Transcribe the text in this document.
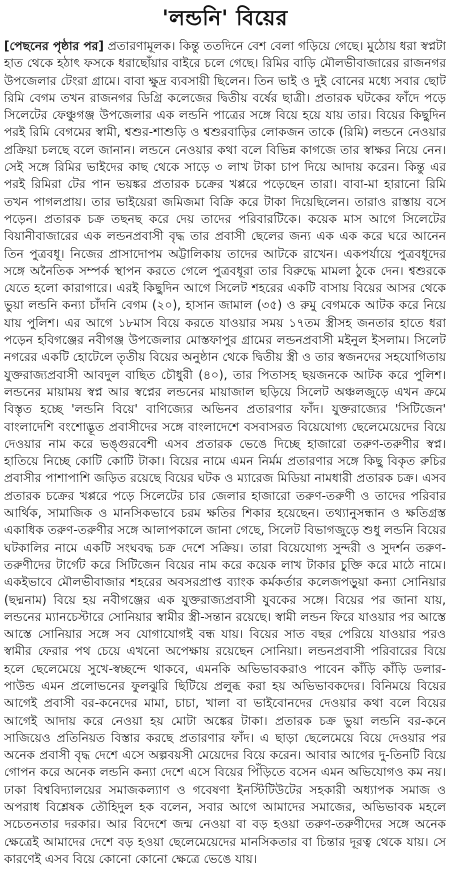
'লন্ডনি' বিয়ের

[পেছনের পৃষ্ঠার পর] প্রতারণামূলক। কিন্তু ততদিনে বেশ বেলা গড়িয়ে গেছে। মুঠোয় ধরা স্বপ্নটা হাত থেকে হঠাৎ ফসকে ধরাছোঁয়ার বাইরে চলে গেছে। রিমির বাড়ি মৌলভীবাজারের রাজনগর উপজেলার টেংরা গ্রামে। বাবা ক্ষুদ্র ব্যবসায়ী ছিলেন। তিন ভাই ও দুই বোনের মধ্যে সবার ছোট রিমি বেগম তখন রাজনগর ডিগ্রি কলেজের দ্বিতীয় বর্ষের ছাত্রী। প্রতারক ঘটকের ফাঁদে পড়ে সিলেটের ফেঞ্চুগঞ্জ উপজেলার এক লন্ডনি পাত্রের সঙ্গে বিয়ে হয়ে যায় তার। বিয়ের কিছুদিন পরই রিমি বেগমের স্বামী, শ্বশুর-শাশুড়ি ও শ্বশুরবাড়ির লোকজন তাকে (রিমি) লন্ডনে নেওয়ার প্রক্রিয়া চলছে বলে জানান। লন্ডনে নেওয়ার কথা বলে বিভিন্ন কাগজে তার স্বাক্ষর নিয়ে নেন। সেই সঙ্গে রিমির ভাইদের কাছ থেকে সাড়ে ৩ লাখ টাকা চাপ দিয়ে আদায় করেন। কিন্তু এর পরই রিমিরা টের পান ভয়ঙ্কর প্রতারক চক্রের খপ্পরে পড়েছেন তারা। বাবা-মা হারানো রিমি তখন পাগলপ্রায়। তার ভাইয়েরা জমিজমা বিক্রি করে টাকা দিয়েছিলেন। তারাও রাস্তায় বসে পড়েন। প্রতারক চক্র তছনছ করে দেয় তাদের পরিবারটিকে। কয়েক মাস আগে সিলেটের বিয়ানীবাজারের এক লন্ডনপ্রবাসী বৃদ্ধ তার প্রবাসী ছেলের জন্য এক এক করে ঘরে আনেন তিন পুত্রবধূ। নিজের প্রাসাদোপম অট্টালিকায় তাদের আটকে রাখেন। একপর্যায়ে পুত্রবধূদের সঙ্গে অনৈতিক সম্পর্ক স্থাপন করতে গেলে পুত্রবধূরা তার বিরুদ্ধে মামলা ঠুকে দেন। শ্বশুরকে যেতে হলো কারাগারে। এরই কিছুদিন আগে সিলেট শহরের একটি বাসায় বিয়ের আসর থেকে ভুয়া লন্ডনি কন্যা চাঁদনি বেগম (২০), হাসান জামাল (৩৫) ও রুমু বেগমকে আটক করে নিয়ে যায় পুলিশ। এর আগে ১৮মাস বিয়ে করতে যাওয়ার সময় ১৭তম স্ত্রীসহ জনতার হাতে ধরা পড়েন হবিগঞ্জের নবীগঞ্জ উপজেলার মোস্তফাপুর গ্রামের লন্ডনপ্রবাসী মইনুল ইসলাম। সিলেট নগরের একটি হোটেলে তৃতীয় বিয়ের অনুষ্ঠান থেকে দ্বিতীয় স্ত্রী ও তার স্বজনদের সহযোগিতায় যুক্তরাজ্যপ্রবাসী আবদুল বাছিত চৌধুরী (৪০), তার পিতাসহ ছয়জনকে আটক করে পুলিশ। লন্ডনের মায়াময় স্বপ্ন আর স্বপ্নের লন্ডনের মায়াজাল ছড়িয়ে সিলেট অঞ্চলজুড়ে এখন ক্রমে বিস্তৃত হচ্ছে 'লন্ডনি বিয়ে' বাণিজ্যের অভিনব প্রতারণার ফাঁদ। যুক্তরাজ্যের 'সিটিজেন' বাংলাদেশি বংশোদ্ভূত প্রবাসীদের সঙ্গে বাংলাদেশে বসবাসরত বিয়েযোগ্য ছেলেমেয়েদের বিয়ে দেওয়ার নাম করে ভঙ্গুরবেশী এসব প্রতারক ভেঙে দিচ্ছে হাজারো তরুণ-তরুণীর স্বপ্ন। হাতিয়ে নিচ্ছে কোটি কোটি টাকা। বিয়ের নামে এমন নির্মম প্রতারণার সঙ্গে কিছু বিকৃত রুচির প্রবাসীর পাশাপাশি জড়িত রয়েছে বিয়ের ঘটক ও ম্যারেজ মিডিয়া নামধারী প্রতারক চক্র। এসব প্রতারক চক্রের খপ্পরে পড়ে সিলেটের চার জেলার হাজারো তরুণ-তরুণী ও তাদের পরিবার আর্থিক, সামাজিক ও মানসিকভাবে চরম ক্ষতির শিকার হয়েছেন। তথ্যানুসন্ধান ও ক্ষতিগ্রস্ত একাধিক তরুণ-তরুণীর সঙ্গে আলাপকালে জানা গেছে, সিলেট বিভাগজুড়ে শুধু লন্ডনি বিয়ের ঘটকালির নামে একটি সংঘবদ্ধ চক্র দেশে সক্রিয়। তারা বিয়েযোগ্য সুন্দরী ও সুদর্শন তরুণ-তরুণীদের টার্গেট করে সিটিজেন বিয়ের নাম করে কয়েক লাখ টাকার চুক্তি করে মাঠে নামে। একইভাবে মৌলভীবাজার শহরের অবসরপ্রাপ্ত ব্যাংক কর্মকর্তার কলেজপড়ুয়া কন্যা সোনিয়ার (ছদ্মনাম) বিয়ে হয় নবীগঞ্জের এক যুক্তরাজ্যপ্রবাসী যুবকের সঙ্গে। বিয়ের পর জানা যায়, লন্ডনের ম্যানচেস্টারে সোনিয়ার স্বামীর স্ত্রী-সন্তান রয়েছে। স্বামী লন্ডন ফিরে যাওয়ার পর আস্তে আস্তে সোনিয়ার সঙ্গে সব যোগাযোগই বন্ধ যায়। বিয়ের সাত বছর পেরিয়ে যাওয়ার পরও স্বামীর ফেরার পথ চেয়ে এখনো অপেক্ষায় রয়েছেন সোনিয়া। লন্ডনপ্রবাসী পরিবারের বিয়ে হলে ছেলেমেয়ে সুখে-স্বচ্ছন্দে থাকবে, এমনকি অভিভাবকরাও পাবেন কাঁড়ি কাঁড়ি ডলার-পাউন্ড এমন প্রলোভনের ফুলঝুরি ছিটিয়ে প্রলুব্ধ করা হয় অভিভাবকদের। বিনিময়ে বিয়ের আগেই প্রবাসী বর-কনেদের মামা, চাচা, খালা বা ভাইবোনদের দেওয়ার কথা বলে বিয়ের আগেই আদায় করে নেওয়া হয় মোটা অঙ্কের টাকা। প্রতারক চক্র ভুয়া লন্ডনি বর-কনে সাজিয়েও প্রতিনিয়ত বিস্তার করছে প্রতারণার ফাঁদ। এ ছাড়া ছেলেমেয়ে বিয়ে দেওয়ার পর অনেক প্রবাসী বৃদ্ধ দেশে এসে অল্পবয়সী মেয়েদের বিয়ে করেন। আবার আগের দু-তিনটি বিয়ে গোপন করে অনেক লন্ডনি কন্যা দেশে এসে বিয়ের পিঁড়িতে বসেন এমন অভিযোগও কম নয়। ঢাকা বিশ্ববিদ্যালয়ের সমাজকল্যাণ ও গবেষণা ইনস্টিটিউটের সহকারী অধ্যাপক সমাজ ও অপরাধ বিশ্লেষক তৌহিদুল হক বলেন, সবার আগে আমাদের সমাজের, অভিভাবক মহলে সচেতনতার দরকার। আর বিদেশে জন্ম নেওয়া বা বড় হওয়া তরুণ-তরুণীদের সঙ্গে অনেক ক্ষেত্রেই আমাদের দেশে বড় হওয়া ছেলেমেয়েদের মানসিকতার বা চিন্তার দূরত্ব থেকে যায়। সে কারণেই এসব বিয়ে কোনো কোনো ক্ষেত্রে ভেঙে যায়।
